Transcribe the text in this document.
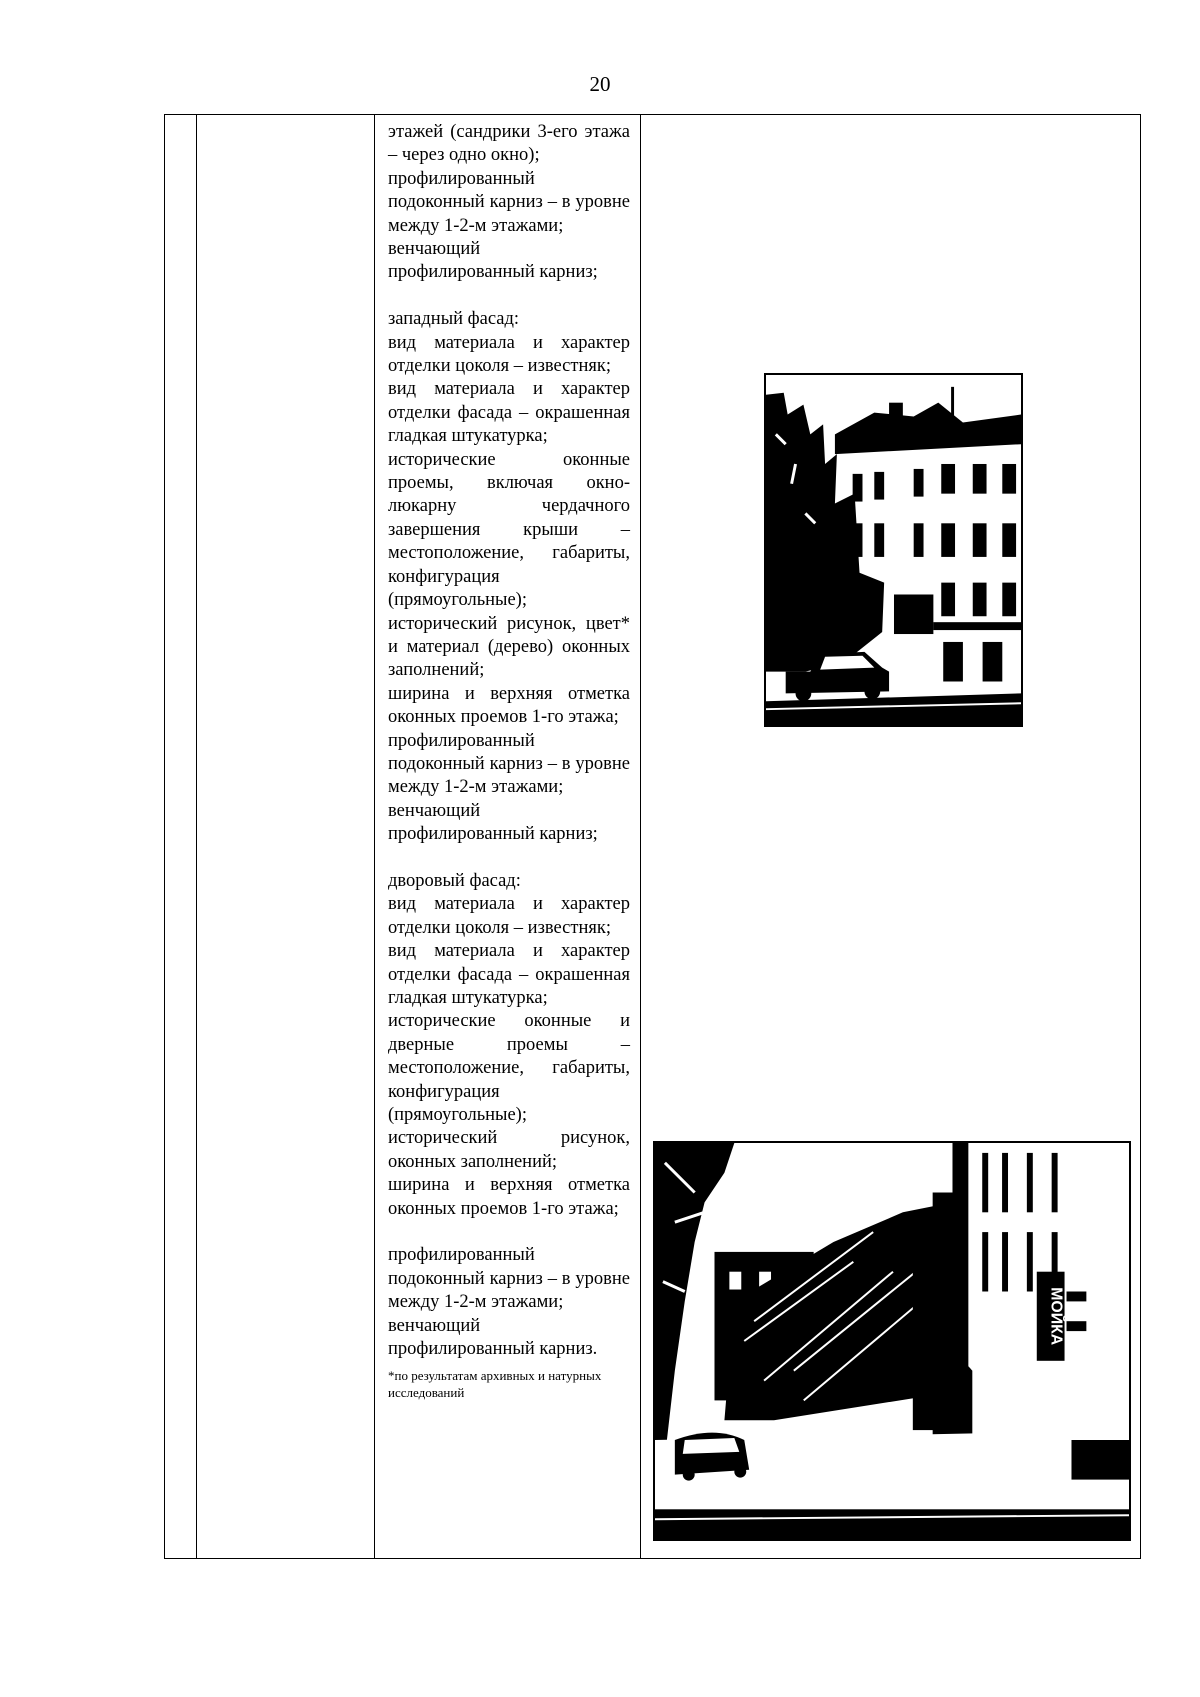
20

этажей (сандрики 3-его этажа – через одно окно);

профилированный подоконный карниз – в уровне между 1-2-м этажами;

венчающий профилированный карниз;

западный фасад:

вид материала и характер отделки цоколя – известняк;

вид материала и характер отделки фасада – окрашенная гладкая штукатурка;

исторические оконные проемы, включая окно-люкарну чердачного завершения крыши – местоположение, габариты, конфигурация (прямоугольные);

исторический рисунок, цвет* и материал (дерево) оконных заполнений;

ширина и верхняя отметка оконных проемов 1-го этажа;

профилированный подоконный карниз – в уровне между 1-2-м этажами;

венчающий профилированный карниз;

дворовый фасад:

вид материала и характер отделки цоколя – известняк;

вид материала и характер отделки фасада – окрашенная гладкая штукатурка;

исторические оконные и дверные проемы – местоположение, габариты, конфигурация (прямоугольные);

исторический рисунок, оконных заполнений;

ширина и верхняя отметка оконных проемов 1-го этажа;

профилированный подоконный карниз – в уровне между 1-2-м этажами;

венчающий профилированный карниз.

*по результатам архивных и натурных исследований

МОЙКА
